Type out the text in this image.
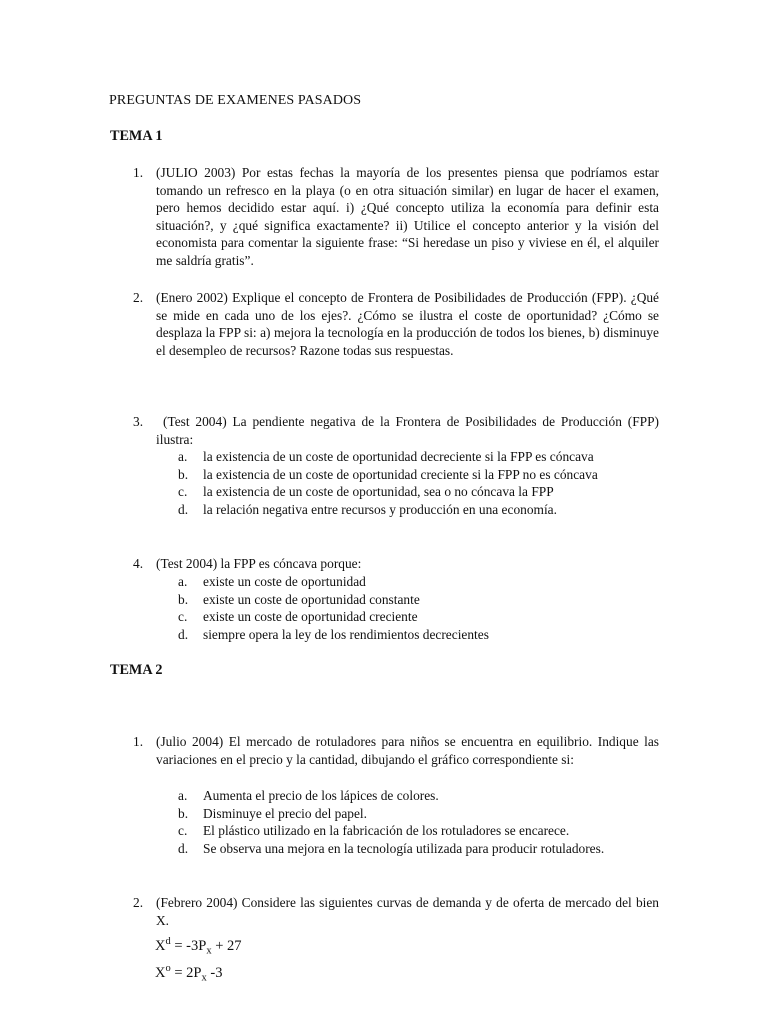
PREGUNTAS DE EXAMENES PASADOS
TEMA 1
1. (JULIO 2003) Por estas fechas la mayoría de los presentes piensa que podríamos estar tomando un refresco en la playa (o en otra situación similar) en lugar de hacer el examen, pero hemos decidido estar aquí. i) ¿Qué concepto utiliza la economía para definir esta situación?, y ¿qué significa exactamente? ii) Utilice el concepto anterior y la visión del economista para comentar la siguiente frase: “Si heredase un piso y viviese en él, el alquiler me saldría gratis”.
2. (Enero 2002) Explique el concepto de Frontera de Posibilidades de Producción (FPP). ¿Qué se mide en cada uno de los ejes?. ¿Cómo se ilustra el coste de oportunidad? ¿Cómo se desplaza la FPP si: a) mejora la tecnología en la producción de todos los bienes, b) disminuye el desempleo de recursos? Razone todas sus respuestas.
3.	(Test 2004) La pendiente negativa de la Frontera de Posibilidades de Producción (FPP) ilustra:
a. la existencia de un coste de oportunidad decreciente si la FPP es cóncava
b. la existencia de un coste de oportunidad creciente si la FPP no es cóncava
c. la existencia de un coste de oportunidad, sea o no cóncava la FPP
d. la relación negativa entre recursos y producción en una economía.
4. (Test 2004) la FPP es cóncava porque:
a. existe un coste de oportunidad
b. existe un coste de oportunidad constante
c. existe un coste de oportunidad creciente
d. siempre opera la ley de los rendimientos decrecientes
TEMA 2
1. (Julio 2004) El mercado de rotuladores para niños se encuentra en equilibrio. Indique las variaciones en el precio y la cantidad, dibujando el gráfico correspondiente si:
a. Aumenta el precio de los lápices de colores.
b. Disminuye el precio del papel.
c. El plástico utilizado en la fabricación de los rotuladores se encarece.
d. Se observa una mejora en la tecnología utilizada para producir rotuladores.
2. (Febrero 2004) Considere las siguientes curvas de demanda y de oferta de mercado del bien X.
$X^d = -3P_x + 27$
$X^o = 2P_x$ -3
